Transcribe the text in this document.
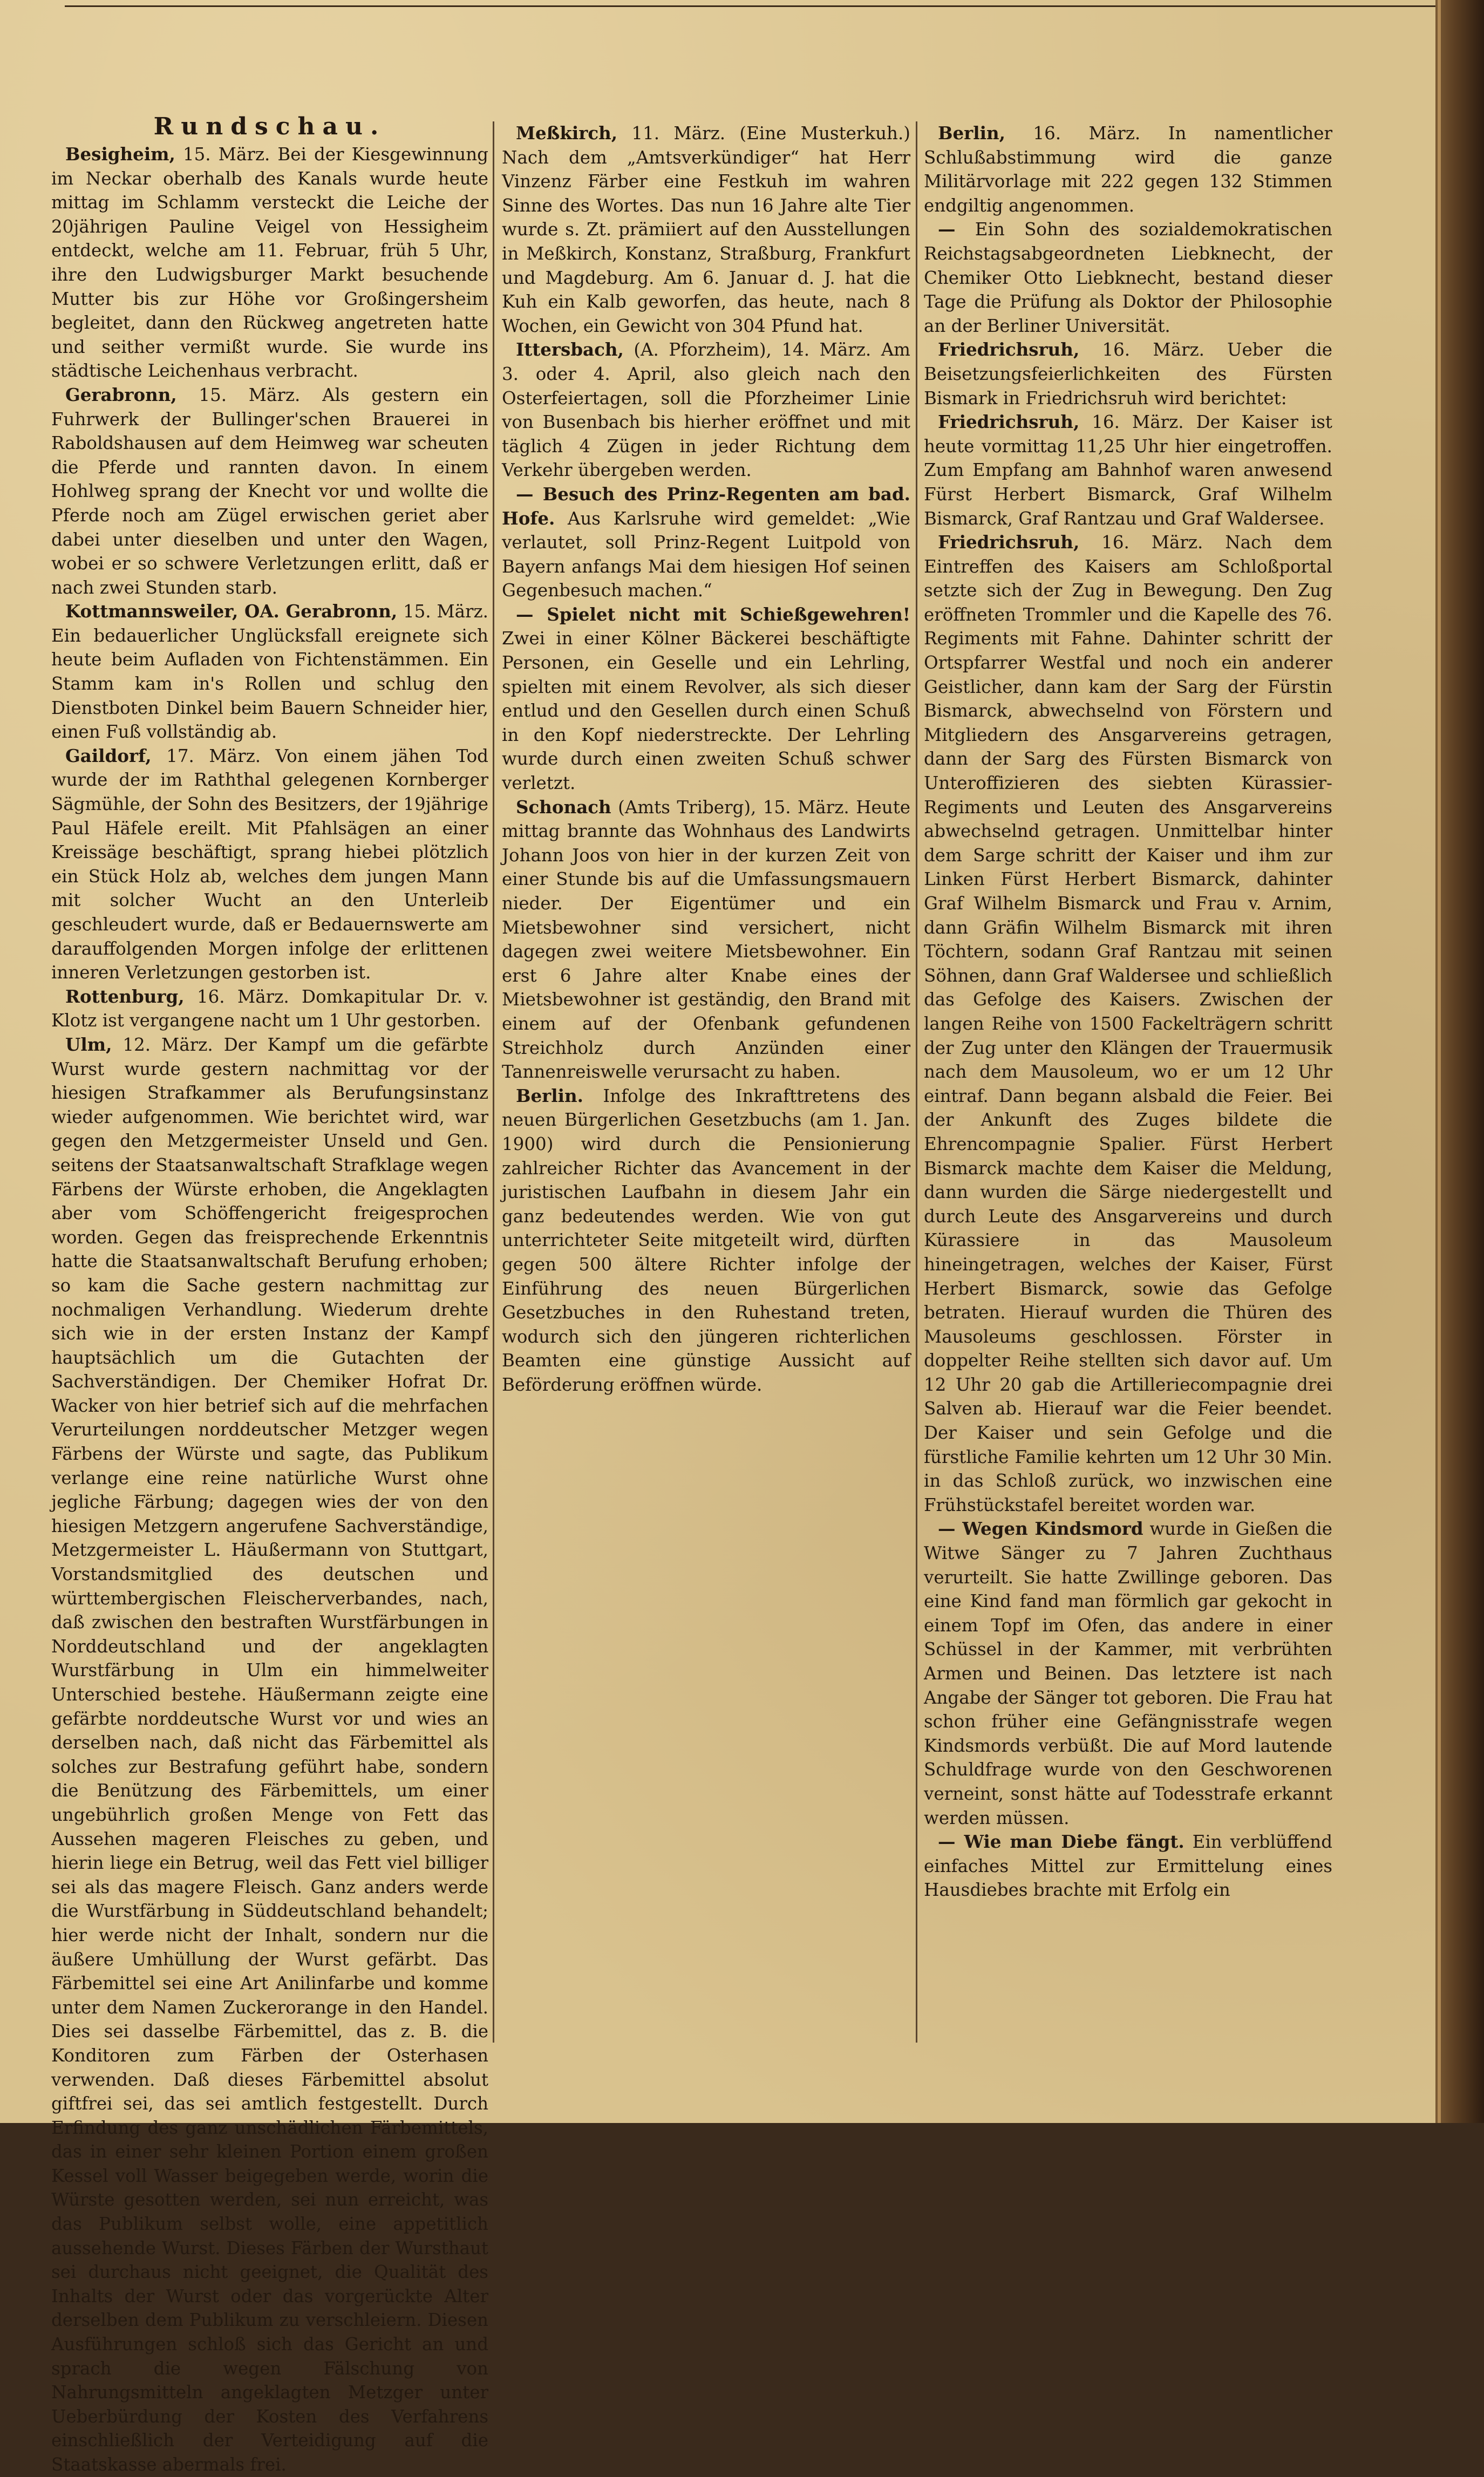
Rundschau.

Besigheim, 15. März. Bei der Kiesgewinnung im Neckar oberhalb des Kanals wurde heute mittag im Schlamm versteckt die Leiche der 20jährigen Pauline Veigel von Hessigheim entdeckt, welche am 11. Februar, früh 5 Uhr, ihre den Ludwigsburger Markt besuchende Mutter bis zur Höhe vor Großingersheim begleitet, dann den Rückweg angetreten hatte und seither vermißt wurde. Sie wurde ins städtische Leichenhaus verbracht.

Gerabronn, 15. März. Als gestern ein Fuhrwerk der Bullinger'schen Brauerei in Raboldshausen auf dem Heimweg war scheuten die Pferde und rannten davon. In einem Hohlweg sprang der Knecht vor und wollte die Pferde noch am Zügel erwischen geriet aber dabei unter dieselben und unter den Wagen, wobei er so schwere Verletzungen erlitt, daß er nach zwei Stunden starb.

Kottmannsweiler, OA. Gerabronn, 15. März. Ein bedauerlicher Unglücksfall ereignete sich heute beim Aufladen von Fichtenstämmen. Ein Stamm kam in's Rollen und schlug den Dienstboten Dinkel beim Bauern Schneider hier, einen Fuß vollständig ab.

Gaildorf, 17. März. Von einem jähen Tod wurde der im Raththal gelegenen Kornberger Sägmühle, der Sohn des Besitzers, der 19jährige Paul Häfele ereilt. Mit Pfahlsägen an einer Kreissäge beschäftigt, sprang hiebei plötzlich ein Stück Holz ab, welches dem jungen Mann mit solcher Wucht an den Unterleib geschleudert wurde, daß er Bedauernswerte am darauffolgenden Morgen infolge der erlittenen inneren Verletzungen gestorben ist.

Rottenburg, 16. März. Domkapitular Dr. v. Klotz ist vergangene nacht um 1 Uhr gestorben.

Ulm, 12. März. Der Kampf um die gefärbte Wurst wurde gestern nachmittag vor der hiesigen Strafkammer als Berufungsinstanz wieder aufgenommen. Wie berichtet wird, war gegen den Metzgermeister Unseld und Gen. seitens der Staatsanwaltschaft Strafklage wegen Färbens der Würste erhoben, die Angeklagten aber vom Schöffengericht freigesprochen worden. Gegen das freisprechende Erkenntnis hatte die Staatsanwaltschaft Berufung erhoben; so kam die Sache gestern nachmittag zur nochmaligen Verhandlung. Wiederum drehte sich wie in der ersten Instanz der Kampf hauptsächlich um die Gutachten der Sachverständigen. Der Chemiker Hofrat Dr. Wacker von hier betrief sich auf die mehrfachen Verurteilungen norddeutscher Metzger wegen Färbens der Würste und sagte, das Publikum verlange eine reine natürliche Wurst ohne jegliche Färbung; dagegen wies der von den hiesigen Metzgern angerufene Sachverständige, Metzgermeister L. Häußermann von Stuttgart, Vorstandsmitglied des deutschen und württembergischen Fleischerverbandes, nach, daß zwischen den bestraften Wurstfärbungen in Norddeutschland und der angeklagten Wurstfärbung in Ulm ein himmelweiter Unterschied bestehe. Häußermann zeigte eine gefärbte norddeutsche Wurst vor und wies an derselben nach, daß nicht das Färbemittel als solches zur Bestrafung geführt habe, sondern die Benützung des Färbemittels, um einer ungebührlich großen Menge von Fett das Aussehen mageren Fleisches zu geben, und hierin liege ein Betrug, weil das Fett viel billiger sei als das magere Fleisch. Ganz anders werde die Wurstfärbung in Süddeutschland behandelt; hier werde nicht der Inhalt, sondern nur die äußere Umhüllung der Wurst gefärbt. Das Färbemittel sei eine Art Anilinfarbe und komme unter dem Namen Zuckerorange in den Handel. Dies sei dasselbe Färbemittel, das z. B. die Konditoren zum Färben der Osterhasen verwenden. Daß dieses Färbemittel absolut giftfrei sei, das sei amtlich festgestellt. Durch Erfindung des ganz unschädlichen Färbemittels, das in einer sehr kleinen Portion einem großen Kessel voll Wasser beigegeben werde, worin die Würste gesotten werden, sei nun erreicht, was das Publikum selbst wolle, eine appetitlich aussehende Wurst. Dieses Färben der Wursthaut sei durchaus nicht geeignet, die Qualität des Inhalts der Wurst oder das vorgerückte Alter derselben dem Publikum zu verschleiern. Diesen Ausführungen schloß sich das Gericht an und sprach die wegen Fälschung von Nahrungsmitteln angeklagten Metzger unter Ueberbürdung der Kosten des Verfahrens einschließlich der Verteidigung auf die Staatskasse abermals frei.

Meßkirch, 11. März. (Eine Musterkuh.) Nach dem „Amtsverkündiger“ hat Herr Vinzenz Färber eine Festkuh im wahren Sinne des Wortes. Das nun 16 Jahre alte Tier wurde s. Zt. prämiiert auf den Ausstellungen in Meßkirch, Konstanz, Straßburg, Frankfurt und Magdeburg. Am 6. Januar d. J. hat die Kuh ein Kalb geworfen, das heute, nach 8 Wochen, ein Gewicht von 304 Pfund hat.

Ittersbach, (A. Pforzheim), 14. März. Am 3. oder 4. April, also gleich nach den Osterfeiertagen, soll die Pforzheimer Linie von Busenbach bis hierher eröffnet und mit täglich 4 Zügen in jeder Richtung dem Verkehr übergeben werden.

— Besuch des Prinz-Regenten am bad. Hofe. Aus Karlsruhe wird gemeldet: „Wie verlautet, soll Prinz-Regent Luitpold von Bayern anfangs Mai dem hiesigen Hof seinen Gegenbesuch machen.“

— Spielet nicht mit Schießgewehren! Zwei in einer Kölner Bäckerei beschäftigte Personen, ein Geselle und ein Lehrling, spielten mit einem Revolver, als sich dieser entlud und den Gesellen durch einen Schuß in den Kopf niederstreckte. Der Lehrling wurde durch einen zweiten Schuß schwer verletzt.

Schonach (Amts Triberg), 15. März. Heute mittag brannte das Wohnhaus des Landwirts Johann Joos von hier in der kurzen Zeit von einer Stunde bis auf die Umfassungsmauern nieder. Der Eigentümer und ein Mietsbewohner sind versichert, nicht dagegen zwei weitere Mietsbewohner. Ein erst 6 Jahre alter Knabe eines der Mietsbewohner ist geständig, den Brand mit einem auf der Ofenbank gefundenen Streichholz durch Anzünden einer Tannenreiswelle verursacht zu haben.

Berlin. Infolge des Inkrafttretens des neuen Bürgerlichen Gesetzbuchs (am 1. Jan. 1900) wird durch die Pensionierung zahlreicher Richter das Avancement in der juristischen Laufbahn in diesem Jahr ein ganz bedeutendes werden. Wie von gut unterrichteter Seite mitgeteilt wird, dürften gegen 500 ältere Richter infolge der Einführung des neuen Bürgerlichen Gesetzbuches in den Ruhestand treten, wodurch sich den jüngeren richterlichen Beamten eine günstige Aussicht auf Beförderung eröffnen würde.

Berlin, 16. März. In namentlicher Schlußabstimmung wird die ganze Militärvorlage mit 222 gegen 132 Stimmen endgiltig angenommen.

— Ein Sohn des sozialdemokratischen Reichstagsabgeordneten Liebknecht, der Chemiker Otto Liebknecht, bestand dieser Tage die Prüfung als Doktor der Philosophie an der Berliner Universität.

Friedrichsruh, 16. März. Ueber die Beisetzungsfeierlichkeiten des Fürsten Bismark in Friedrichsruh wird berichtet:

Friedrichsruh, 16. März. Der Kaiser ist heute vormittag 11,25 Uhr hier eingetroffen. Zum Empfang am Bahnhof waren anwesend Fürst Herbert Bismarck, Graf Wilhelm Bismarck, Graf Rantzau und Graf Waldersee.

Friedrichsruh, 16. März. Nach dem Eintreffen des Kaisers am Schloßportal setzte sich der Zug in Bewegung. Den Zug eröffneten Trommler und die Kapelle des 76. Regiments mit Fahne. Dahinter schritt der Ortspfarrer Westfal und noch ein anderer Geistlicher, dann kam der Sarg der Fürstin Bismarck, abwechselnd von Förstern und Mitgliedern des Ansgarvereins getragen, dann der Sarg des Fürsten Bismarck von Unteroffizieren des siebten Kürassier-Regiments und Leuten des Ansgarvereins abwechselnd getragen. Unmittelbar hinter dem Sarge schritt der Kaiser und ihm zur Linken Fürst Herbert Bismarck, dahinter Graf Wilhelm Bismarck und Frau v. Arnim, dann Gräfin Wilhelm Bismarck mit ihren Töchtern, sodann Graf Rantzau mit seinen Söhnen, dann Graf Waldersee und schließlich das Gefolge des Kaisers. Zwischen der langen Reihe von 1500 Fackelträgern schritt der Zug unter den Klängen der Trauermusik nach dem Mausoleum, wo er um 12 Uhr eintraf. Dann begann alsbald die Feier. Bei der Ankunft des Zuges bildete die Ehrencompagnie Spalier. Fürst Herbert Bismarck machte dem Kaiser die Meldung, dann wurden die Särge niedergestellt und durch Leute des Ansgarvereins und durch Kürassiere in das Mausoleum hineingetragen, welches der Kaiser, Fürst Herbert Bismarck, sowie das Gefolge betraten. Hierauf wurden die Thüren des Mausoleums geschlossen. Förster in doppelter Reihe stellten sich davor auf. Um 12 Uhr 20 gab die Artilleriecompagnie drei Salven ab. Hierauf war die Feier beendet. Der Kaiser und sein Gefolge und die fürstliche Familie kehrten um 12 Uhr 30 Min. in das Schloß zurück, wo inzwischen eine Frühstückstafel bereitet worden war.

— Wegen Kindsmord wurde in Gießen die Witwe Sänger zu 7 Jahren Zuchthaus verurteilt. Sie hatte Zwillinge geboren. Das eine Kind fand man förmlich gar gekocht in einem Topf im Ofen, das andere in einer Schüssel in der Kammer, mit verbrühten Armen und Beinen. Das letztere ist nach Angabe der Sänger tot geboren. Die Frau hat schon früher eine Gefängnisstrafe wegen Kindsmords verbüßt. Die auf Mord lautende Schuldfrage wurde von den Geschworenen verneint, sonst hätte auf Todesstrafe erkannt werden müssen.

— Wie man Diebe fängt. Ein verblüffend einfaches Mittel zur Ermittelung eines Hausdiebes brachte mit Erfolg ein
